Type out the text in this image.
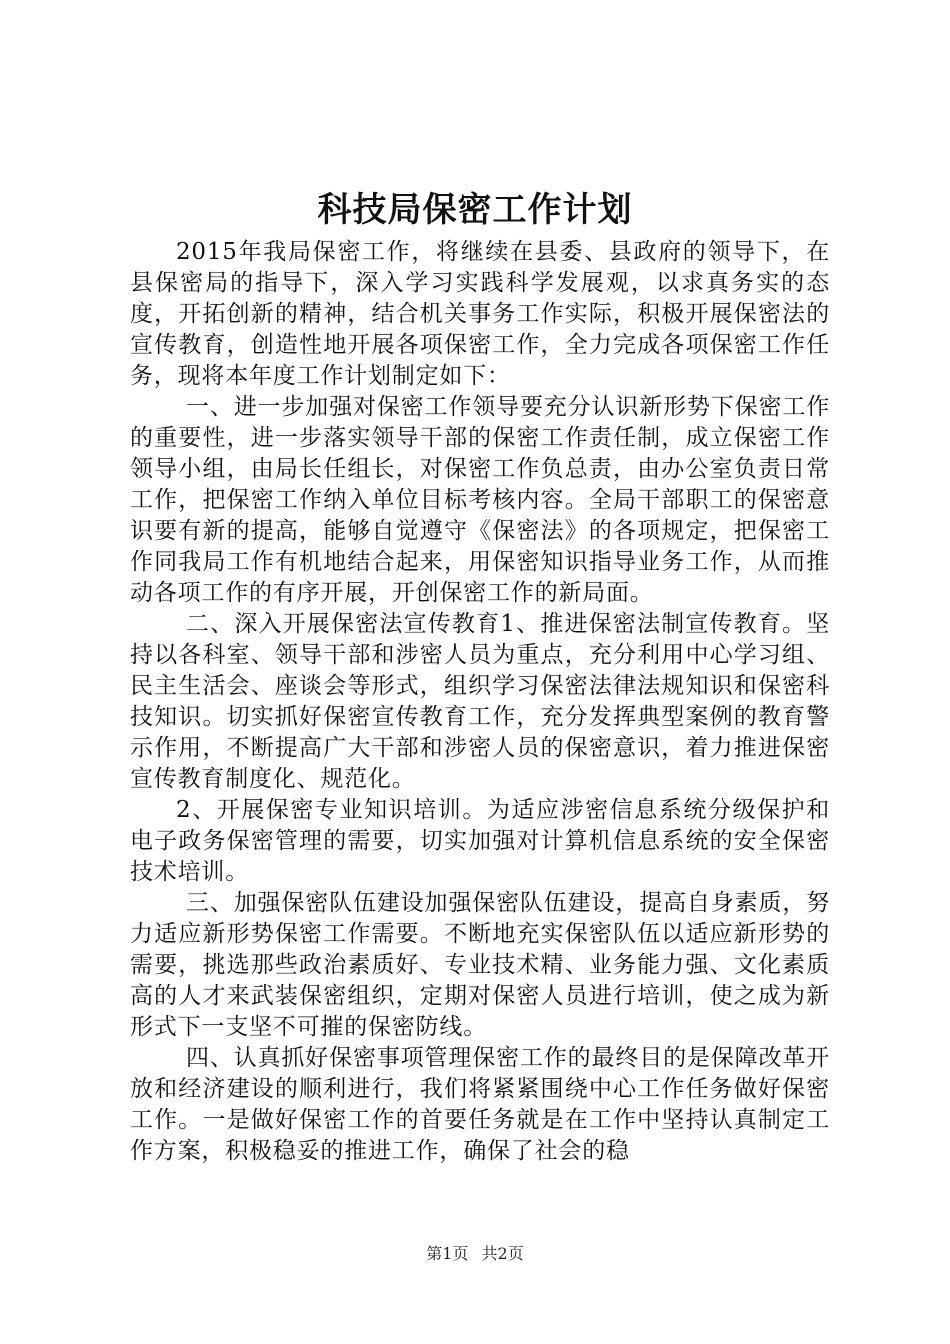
科技局保密工作计划

2015年我局保密工作，将继续在县委、县政府的领导下，在县保密局的指导下，深入学习实践科学发展观，以求真务实的态度，开拓创新的精神，结合机关事务工作实际，积极开展保密法的宣传教育，创造性地开展各项保密工作，全力完成各项保密工作任务，现将本年度工作计划制定如下：

一、进一步加强对保密工作领导要充分认识新形势下保密工作的重要性，进一步落实领导干部的保密工作责任制，成立保密工作领导小组，由局长任组长，对保密工作负总责，由办公室负责日常工作，把保密工作纳入单位目标考核内容。全局干部职工的保密意识要有新的提高，能够自觉遵守《保密法》的各项规定，把保密工作同我局工作有机地结合起来，用保密知识指导业务工作，从而推动各项工作的有序开展，开创保密工作的新局面。

二、深入开展保密法宣传教育1、推进保密法制宣传教育。坚持以各科室、领导干部和涉密人员为重点，充分利用中心学习组、民主生活会、座谈会等形式，组织学习保密法律法规知识和保密科技知识。切实抓好保密宣传教育工作，充分发挥典型案例的教育警示作用，不断提高广大干部和涉密人员的保密意识，着力推进保密宣传教育制度化、规范化。

2、开展保密专业知识培训。为适应涉密信息系统分级保护和电子政务保密管理的需要，切实加强对计算机信息系统的安全保密技术培训。

三、加强保密队伍建设加强保密队伍建设，提高自身素质，努力适应新形势保密工作需要。不断地充实保密队伍以适应新形势的需要，挑选那些政治素质好、专业技术精、业务能力强、文化素质高的人才来武装保密组织，定期对保密人员进行培训，使之成为新形式下一支坚不可摧的保密防线。

四、认真抓好保密事项管理保密工作的最终目的是保障改革开放和经济建设的顺利进行，我们将紧紧围绕中心工作任务做好保密工作。一是做好保密工作的首要任务就是在工作中坚持认真制定工作方案，积极稳妥的推进工作，确保了社会的稳

第1页 共2页
